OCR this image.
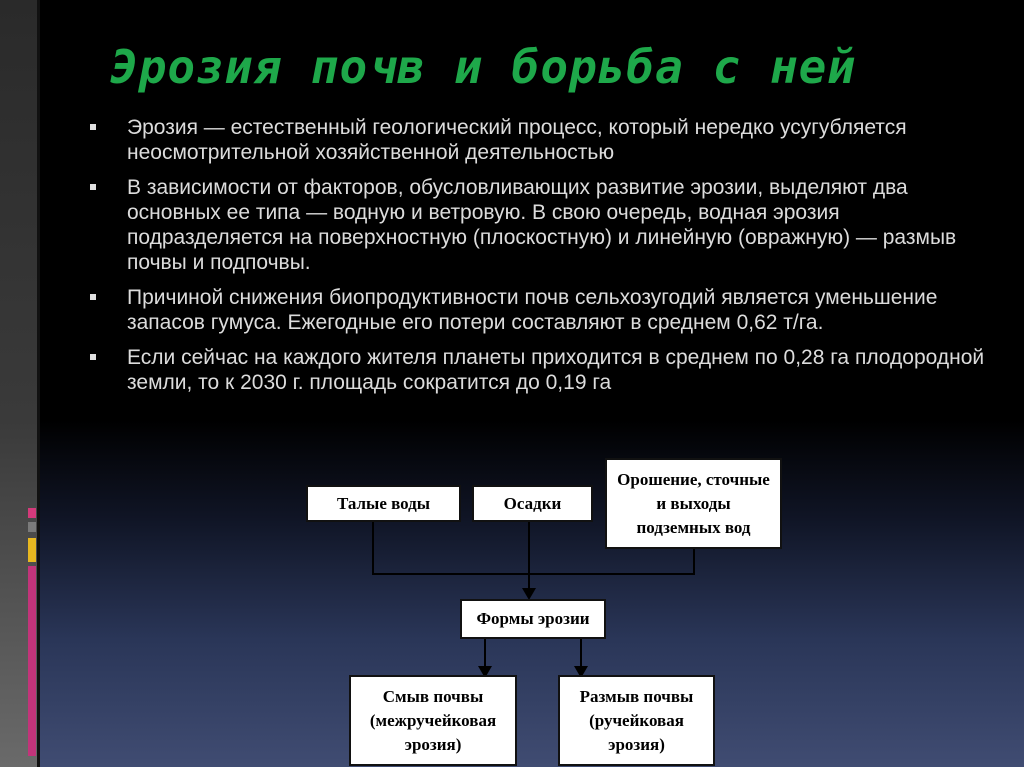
Эрозия почв и борьба с ней
Эрозия — естественный геологический процесс, который нередко усугубляется неосмотрительной хозяйственной деятельностью
В зависимости от факторов, обусловливающих развитие эрозии, выделяют два основных ее типа — водную и ветровую. В свою очередь, водная эрозия подразделяется на поверхностную (плоскостную) и линейную (овражную) — размыв почвы и подпочвы.
Причиной снижения биопродуктивности почв сельхозугодий является уменьшение запасов гумуса. Ежегодные его потери составляют в среднем 0,62 т/га.
Если сейчас на каждого жителя планеты приходится в среднем по 0,28 га плодородной земли, то к 2030 г. площадь сократится до 0,19 га
Талые воды	Осадки
Орошение, сточные
и выходы
подземных вод
Формы эрозии
Смыв почвы
(межручейковая
эрозия)
Размыв почвы
(ручейковая
эрозия)
